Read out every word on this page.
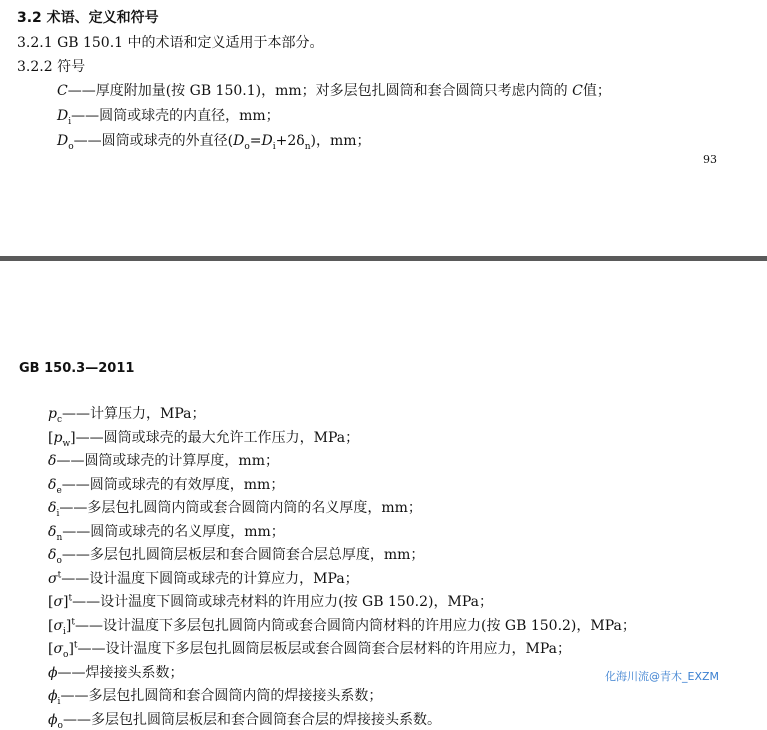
3.2 术语、定义和符号
3.2.1 GB 150.1 中的术语和定义适用于本部分。
3.2.2 符号
C——厚度附加量(按 GB 150.1)，mm；对多层包扎圆筒和套合圆筒只考虑内筒的 C值；
$D_i——$圆筒或球壳的内直径，mm；
$D_o——$圆筒或球壳的外直径$(D_o=D_i+2\delta_n)$，mm；
93
GB 150.3—2011
$p_c——$计算压力，MPa；
$[p_w]——$圆筒或球壳的最大允许工作压力，MPa；
δ——圆筒或球壳的计算厚度，mm；
$\delta_e——$圆筒或球壳的有效厚度，mm；
$\delta_i——$多层包扎圆筒内筒或套合圆筒内筒的名义厚度，mm；
$\delta_n——$圆筒或球壳的名义厚度，mm；
$\delta_o——$多层包扎圆筒层板层和套合圆筒套合层总厚度，mm；
$\sigma^t——$设计温度下圆筒或球壳的计算应力，MPa；
$[\sigma]^t——$设计温度下圆筒或球壳材料的许用应力(按 GB 150.2)，MPa；
$[\sigma_i]^t——$设计温度下多层包扎圆筒内筒或套合圆筒内筒材料的许用应力(按 GB 150.2)，MPa；
$[\sigma_o]^t——$设计温度下多层包扎圆筒层板层或套合圆筒套合层材料的许用应力，MPa；
ϕ——焊接接头系数；
$\phi_i——$多层包扎圆筒和套合圆筒内筒的焊接接头系数；
$\phi_o——$多层包扎圆筒层板层和套合圆筒套合层的焊接接头系数。
化海川流@青木_EXZM
